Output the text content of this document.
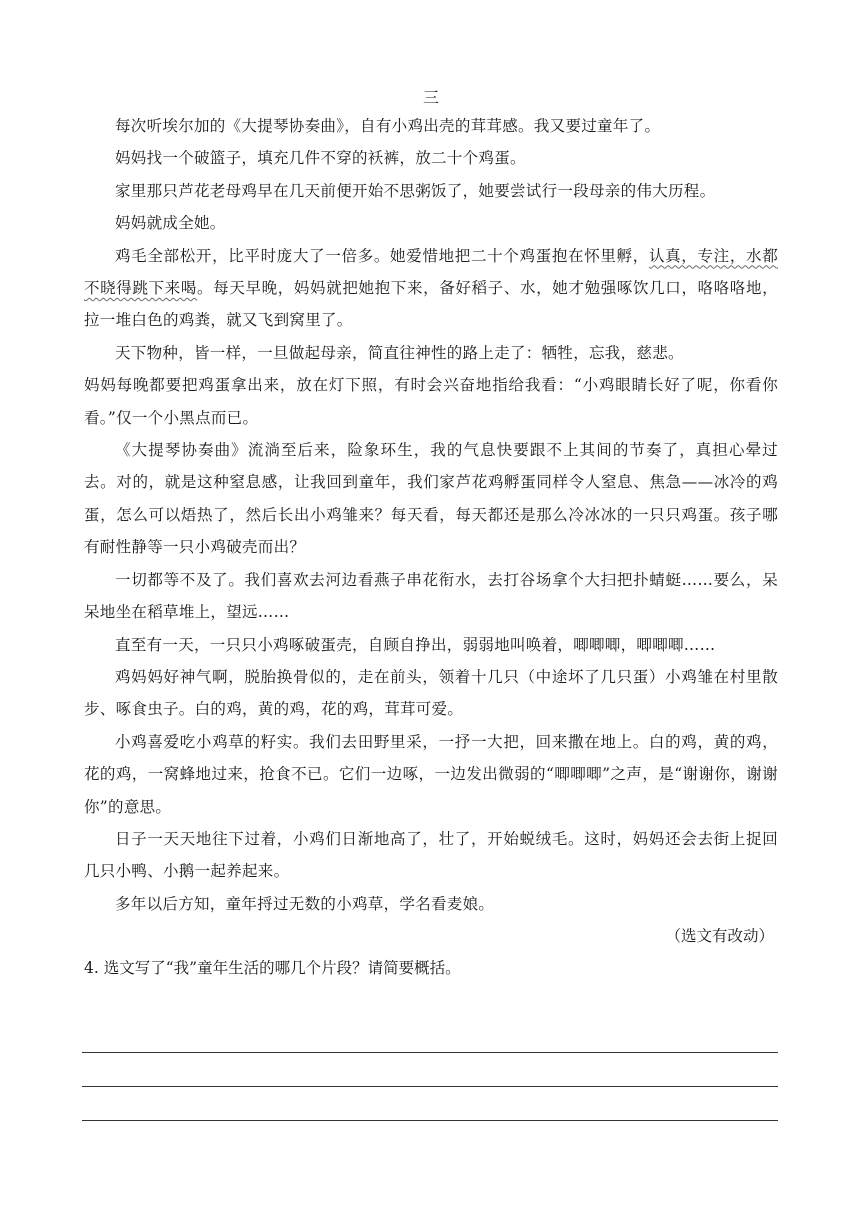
三

每次听埃尔加的《大提琴协奏曲》，自有小鸡出壳的茸茸感。我又要过童年了。

妈妈找一个破篮子，填充几件不穿的袄裤，放二十个鸡蛋。

家里那只芦花老母鸡早在几天前便开始不思粥饭了，她要尝试行一段母亲的伟大历程。

妈妈就成全她。

鸡毛全部松开，比平时庞大了一倍多。她爱惜地把二十个鸡蛋抱在怀里孵，认真，专注，水都不晓得跳下来喝。每天早晚，妈妈就把她抱下来，备好稻子、水，她才勉强啄饮几口，咯咯咯地，拉一堆白色的鸡粪，就又飞到窝里了。

天下物种，皆一样，一旦做起母亲，简直往神性的路上走了：牺牲，忘我，慈悲。

妈妈每晚都要把鸡蛋拿出来，放在灯下照，有时会兴奋地指给我看：“小鸡眼睛长好了呢，你看你看。”仅一个小黑点而已。

《大提琴协奏曲》流淌至后来，险象环生，我的气息快要跟不上其间的节奏了，真担心晕过去。对的，就是这种窒息感，让我回到童年，我们家芦花鸡孵蛋同样令人窒息、焦急——冰冷的鸡蛋，怎么可以焐热了，然后长出小鸡雏来？每天看，每天都还是那么冷冰冰的一只只鸡蛋。孩子哪有耐性静等一只小鸡破壳而出？

一切都等不及了。我们喜欢去河边看燕子串花衔水，去打谷场拿个大扫把扑蜻蜓……要么，呆呆地坐在稻草堆上，望远……

直至有一天，一只只小鸡啄破蛋壳，自顾自挣出，弱弱地叫唤着，唧唧唧，唧唧唧……

鸡妈妈好神气啊，脱胎换骨似的，走在前头，领着十几只（中途坏了几只蛋）小鸡雏在村里散步、啄食虫子。白的鸡，黄的鸡，花的鸡，茸茸可爱。

小鸡喜爱吃小鸡草的籽实。我们去田野里采，一抒一大把，回来撒在地上。白的鸡，黄的鸡，花的鸡，一窝蜂地过来，抢食不已。它们一边啄，一边发出微弱的“唧唧唧”之声，是“谢谢你，谢谢你”的意思。

日子一天天地往下过着，小鸡们日渐地高了，壮了，开始蜕绒毛。这时，妈妈还会去街上捉回几只小鸭、小鹅一起养起来。

多年以后方知，童年捋过无数的小鸡草，学名看麦娘。

（选文有改动）

4. 选文写了“我”童年生活的哪几个片段？请简要概括。
